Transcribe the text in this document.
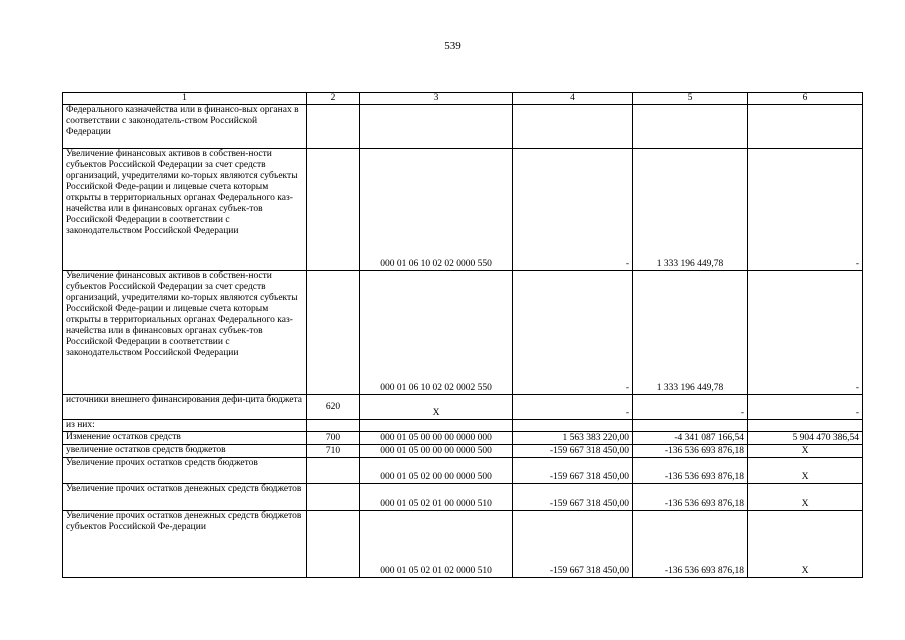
539
1	2	3	4	5	6
Федерального казначейства или в финансо-вых органах в соответствии с законодатель-ством Российской Федерации					
Увеличение финансовых активов в собствен-ности субъектов Российской Федерации за счет средств организаций, учредителями ко-торых являются субъекты Российской Феде-рации и лицевые счета которым открыты в территориальных органах Федерального каз-начейства или в финансовых органах субъек-тов Российской Федерации в соответствии с законодательством Российской Федерации		000 01 06 10 02 02 0000 550	-	1 333 196 449,78	-
Увеличение финансовых активов в собствен-ности субъектов Российской Федерации за счет средств организаций, учредителями ко-торых являются субъекты Российской Феде-рации и лицевые счета которым открыты в территориальных органах Федерального каз-начейства или в финансовых органах субъек-тов Российской Федерации в соответствии с законодательством Российской Федерации		000 01 06 10 02 02 0002 550	-	1 333 196 449,78	-
источники внешнего финансирования дефи-цита бюджета	620	X	-	-	-
из них:					
Изменение остатков средств	700	000 01 05 00 00 00 0000 000	1 563 383 220,00	-4 341 087 166,54	5 904 470 386,54
увеличение остатков средств бюджетов	710	000 01 05 00 00 00 0000 500	-159 667 318 450,00	-136 536 693 876,18	X
Увеличение прочих остатков средств бюджетов		000 01 05 02 00 00 0000 500	-159 667 318 450,00	-136 536 693 876,18	X
Увеличение прочих остатков денежных средств бюджетов		000 01 05 02 01 00 0000 510	-159 667 318 450,00	-136 536 693 876,18	X
Увеличение прочих остатков денежных средств бюджетов субъектов Российской Фе-дерации		000 01 05 02 01 02 0000 510	-159 667 318 450,00	-136 536 693 876,18	X
